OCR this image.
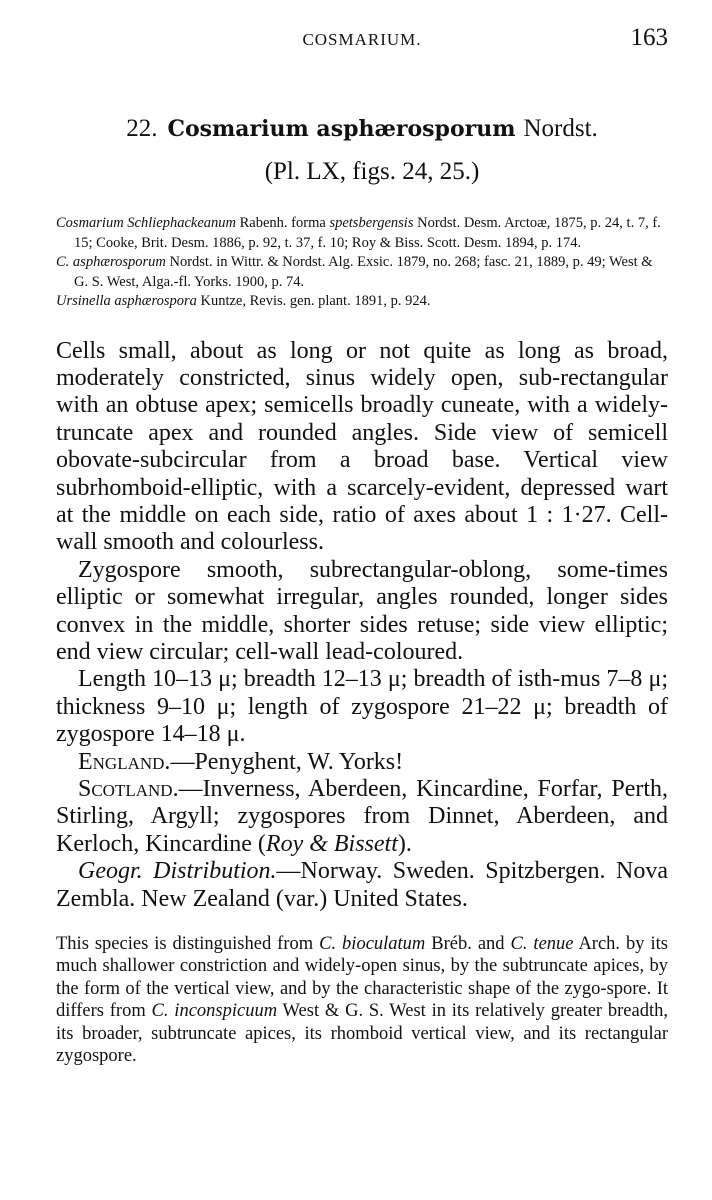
COSMARIUM.	163
22. Cosmarium asphærosporum Nordst.
(Pl. LX, figs. 24, 25.)
Cosmarium Schliephackeanum Rabenh. forma spetsbergensis Nordst. Desm. Arctoæ, 1875, p. 24, t. 7, f. 15; Cooke, Brit. Desm. 1886, p. 92, t. 37, f. 10; Roy & Biss. Scott. Desm. 1894, p. 174.
C. asphærosporum Nordst. in Wittr. & Nordst. Alg. Exsic. 1879, no. 268; fasc. 21, 1889, p. 49; West & G. S. West, Alga.-fl. Yorks. 1900, p. 74.
Ursinella asphærospora Kuntze, Revis. gen. plant. 1891, p. 924.

Cells small, about as long or not quite as long as broad, moderately constricted, sinus widely open, sub-rectangular with an obtuse apex; semicells broadly cuneate, with a widely-truncate apex and rounded angles. Side view of semicell obovate-subcircular from a broad base. Vertical view subrhomboid-elliptic, with a scarcely-evident, depressed wart at the middle on each side, ratio of axes about 1 : 1·27. Cell-wall smooth and colourless.

Zygospore smooth, subrectangular-oblong, some-times elliptic or somewhat irregular, angles rounded, longer sides convex in the middle, shorter sides retuse; side view elliptic; end view circular; cell-wall lead-coloured.

Length 10–13 μ; breadth 12–13 μ; breadth of isth-mus 7–8 μ; thickness 9–10 μ; length of zygospore 21–22 μ; breadth of zygospore 14–18 μ.

England.—Penyghent, W. Yorks!

Scotland.—Inverness, Aberdeen, Kincardine, Forfar, Perth, Stirling, Argyll; zygospores from Dinnet, Aberdeen, and Kerloch, Kincardine (Roy & Bissett).

Geogr. Distribution.—Norway. Sweden. Spitzbergen. Nova Zembla. New Zealand (var.) United States.

This species is distinguished from C. bioculatum Bréb. and C. tenue Arch. by its much shallower constriction and widely-open sinus, by the subtruncate apices, by the form of the vertical view, and by the characteristic shape of the zygo-spore. It differs from C. inconspicuum West & G. S. West in its relatively greater breadth, its broader, subtruncate apices, its rhomboid vertical view, and its rectangular zygospore.
